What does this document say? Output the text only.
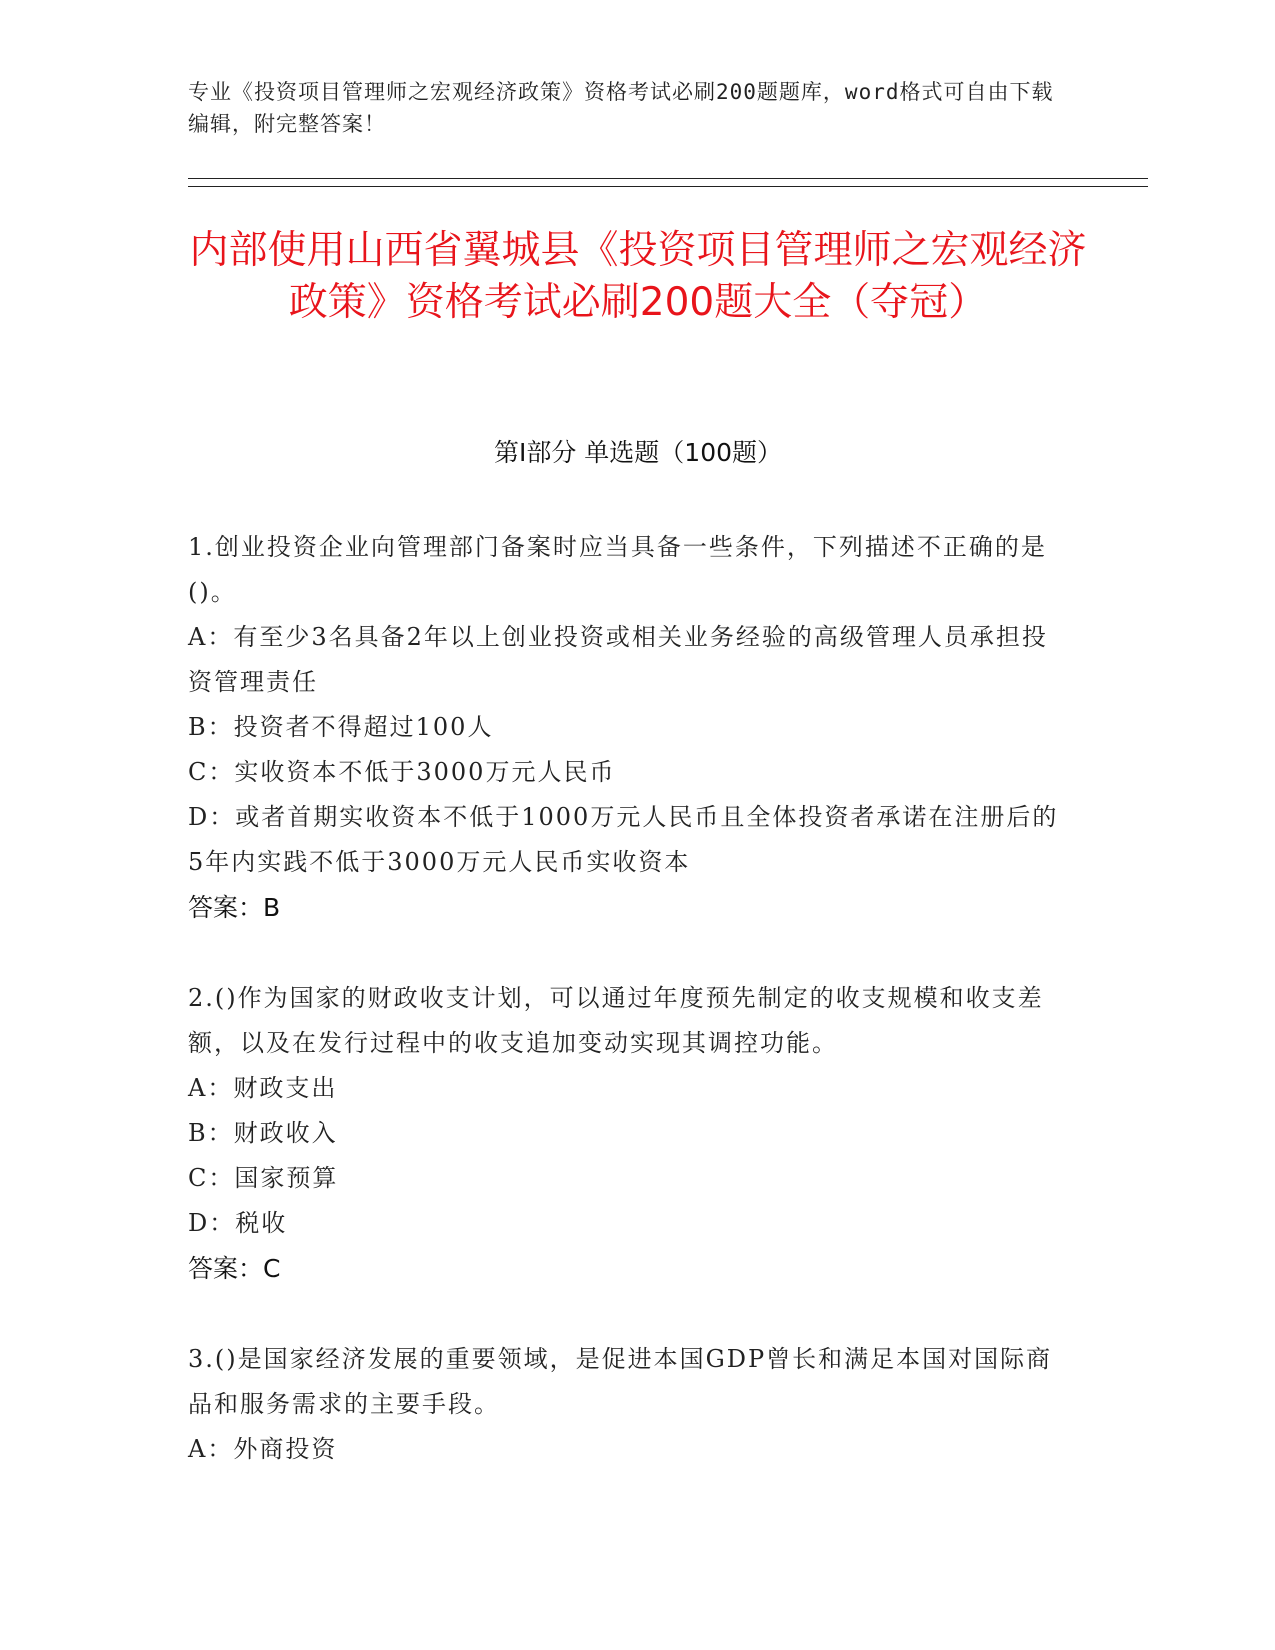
专业《投资项目管理师之宏观经济政策》资格考试必刷200题题库，word格式可自由下载编辑，附完整答案！
内部使用山西省翼城县《投资项目管理师之宏观经济政策》资格考试必刷200题大全（夺冠）
第Ⅰ部分 单选题（100题）
1.创业投资企业向管理部门备案时应当具备一些条件，下列描述不正确的是()。
A：有至少3名具备2年以上创业投资或相关业务经验的高级管理人员承担投资管理责任
B：投资者不得超过100人
C：实收资本不低于3000万元人民币
D：或者首期实收资本不低于1000万元人民币且全体投资者承诺在注册后的5年内实践不低于3000万元人民币实收资本
答案：B
2.()作为国家的财政收支计划，可以通过年度预先制定的收支规模和收支差额，以及在发行过程中的收支追加变动实现其调控功能。
A：财政支出
B：财政收入
C：国家预算
D：税收
答案：C
3.()是国家经济发展的重要领域，是促进本国GDP曾长和满足本国对国际商品和服务需求的主要手段。
A：外商投资
